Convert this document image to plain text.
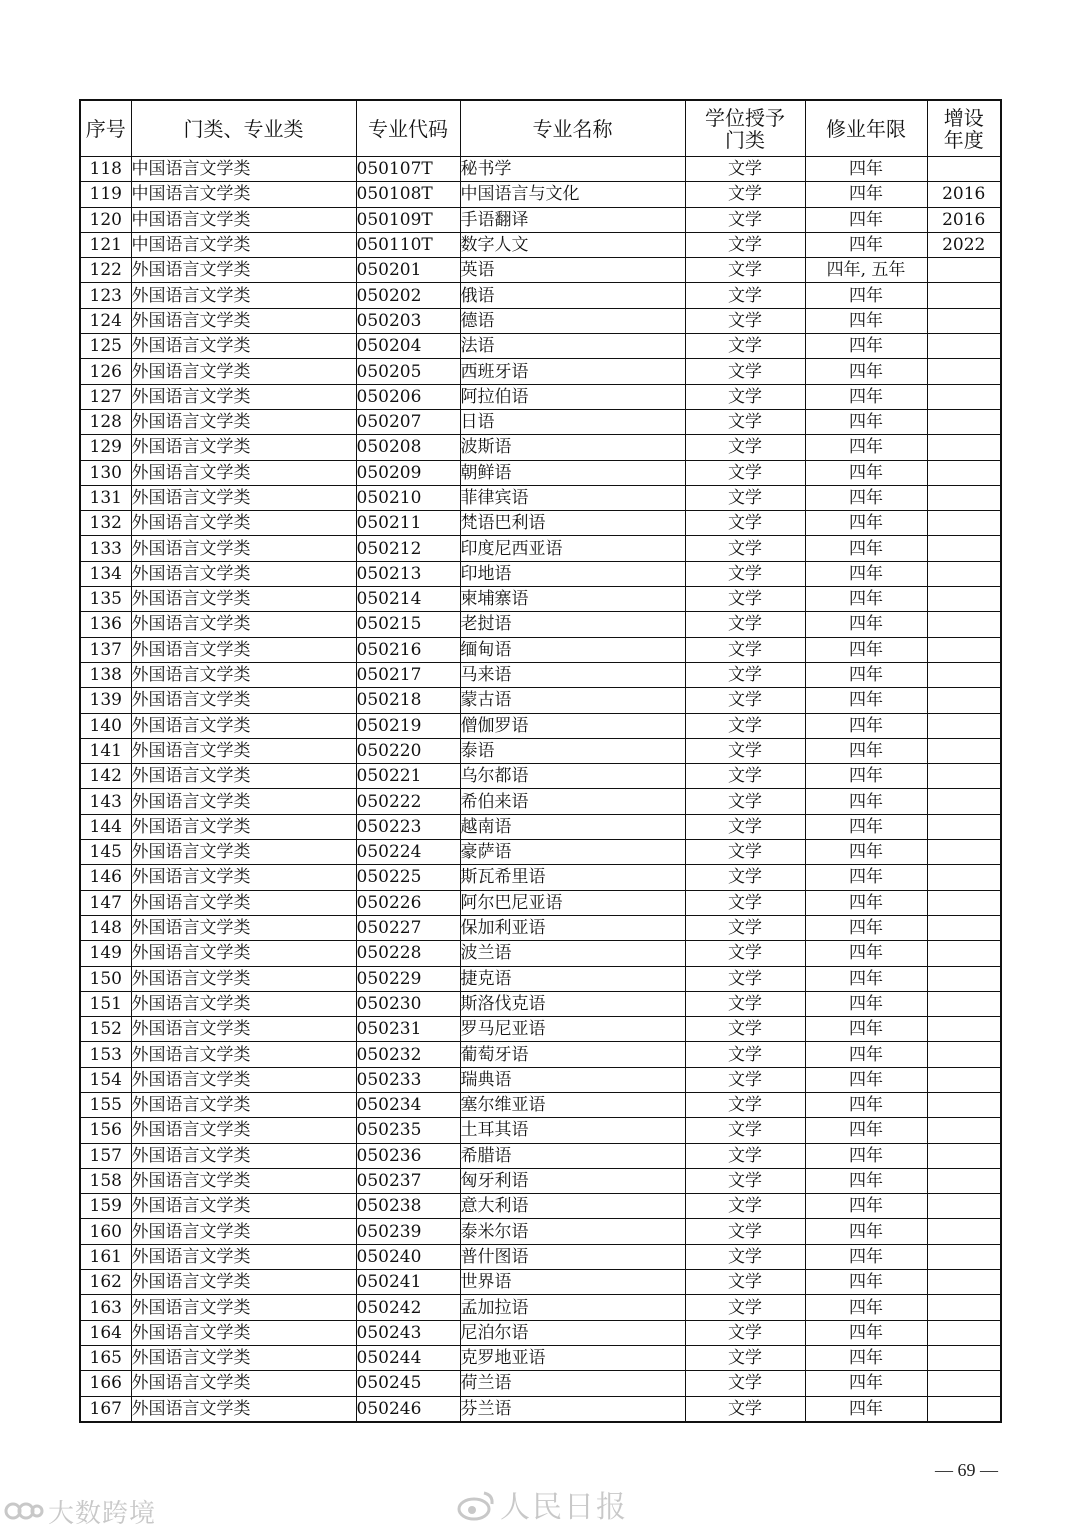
序号	门类、专业类	专业代码	专业名称	学位授予门类	修业年限	增设年度
118	中国语言文学类	050107T	秘书学	文学	四年	
119	中国语言文学类	050108T	中国语言与文化	文学	四年	2016
120	中国语言文学类	050109T	手语翻译	文学	四年	2016
121	中国语言文学类	050110T	数字人文	文学	四年	2022
122	外国语言文学类	050201	英语	文学	四年, 五年	
123	外国语言文学类	050202	俄语	文学	四年	
124	外国语言文学类	050203	德语	文学	四年	
125	外国语言文学类	050204	法语	文学	四年	
126	外国语言文学类	050205	西班牙语	文学	四年	
127	外国语言文学类	050206	阿拉伯语	文学	四年	
128	外国语言文学类	050207	日语	文学	四年	
129	外国语言文学类	050208	波斯语	文学	四年	
130	外国语言文学类	050209	朝鲜语	文学	四年	
131	外国语言文学类	050210	菲律宾语	文学	四年	
132	外国语言文学类	050211	梵语巴利语	文学	四年	
133	外国语言文学类	050212	印度尼西亚语	文学	四年	
134	外国语言文学类	050213	印地语	文学	四年	
135	外国语言文学类	050214	柬埔寨语	文学	四年	
136	外国语言文学类	050215	老挝语	文学	四年	
137	外国语言文学类	050216	缅甸语	文学	四年	
138	外国语言文学类	050217	马来语	文学	四年	
139	外国语言文学类	050218	蒙古语	文学	四年	
140	外国语言文学类	050219	僧伽罗语	文学	四年	
141	外国语言文学类	050220	泰语	文学	四年	
142	外国语言文学类	050221	乌尔都语	文学	四年	
143	外国语言文学类	050222	希伯来语	文学	四年	
144	外国语言文学类	050223	越南语	文学	四年	
145	外国语言文学类	050224	豪萨语	文学	四年	
146	外国语言文学类	050225	斯瓦希里语	文学	四年	
147	外国语言文学类	050226	阿尔巴尼亚语	文学	四年	
148	外国语言文学类	050227	保加利亚语	文学	四年	
149	外国语言文学类	050228	波兰语	文学	四年	
150	外国语言文学类	050229	捷克语	文学	四年	
151	外国语言文学类	050230	斯洛伐克语	文学	四年	
152	外国语言文学类	050231	罗马尼亚语	文学	四年	
153	外国语言文学类	050232	葡萄牙语	文学	四年	
154	外国语言文学类	050233	瑞典语	文学	四年	
155	外国语言文学类	050234	塞尔维亚语	文学	四年	
156	外国语言文学类	050235	土耳其语	文学	四年	
157	外国语言文学类	050236	希腊语	文学	四年	
158	外国语言文学类	050237	匈牙利语	文学	四年	
159	外国语言文学类	050238	意大利语	文学	四年	
160	外国语言文学类	050239	泰米尔语	文学	四年	
161	外国语言文学类	050240	普什图语	文学	四年	
162	外国语言文学类	050241	世界语	文学	四年	
163	外国语言文学类	050242	孟加拉语	文学	四年	
164	外国语言文学类	050243	尼泊尔语	文学	四年	
165	外国语言文学类	050244	克罗地亚语	文学	四年	
166	外国语言文学类	050245	荷兰语	文学	四年	
167	外国语言文学类	050246	芬兰语	文学	四年	
— 69 —
大数跨境	人民日报
